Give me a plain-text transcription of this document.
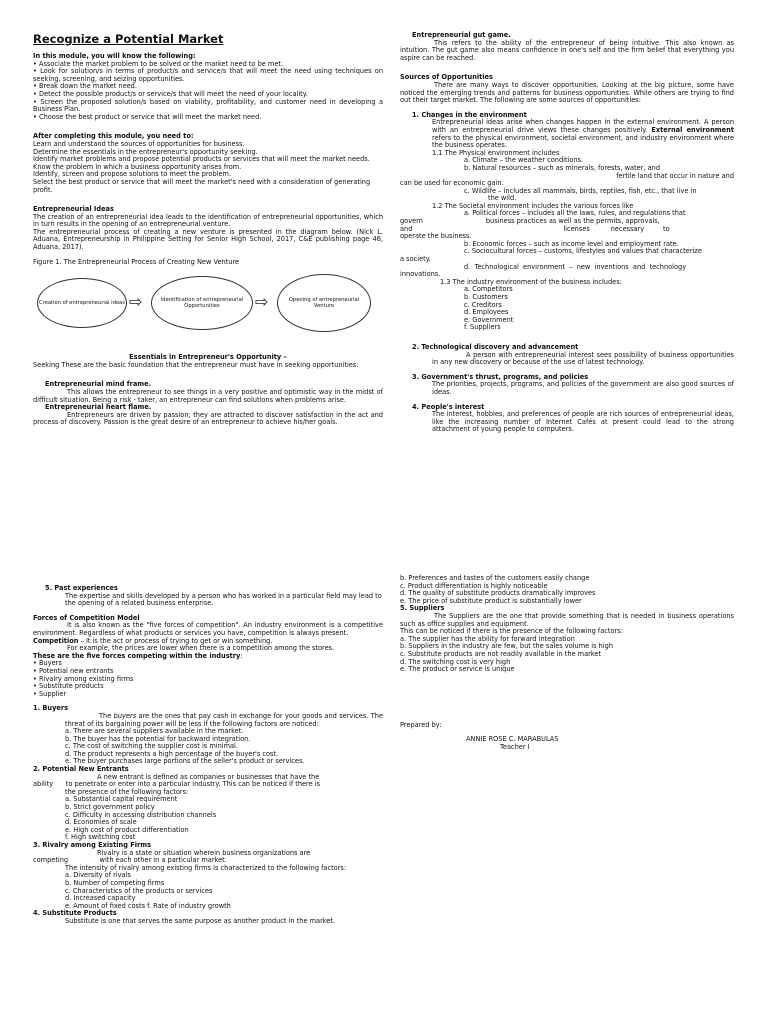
Recognize a Potential Market

In this module, you will know the following:

• Associate the market problem to be solved or the market need to be met.

• Look for solution/s in terms of product/s and service/s that will meet the need using techniques on seeking, screening, and seizing opportunities.

• Break down the market need.

• Detect the possible product/s or service/s that will meet the need of your locality.

• Screen the proposed solution/s based on viability, profitability, and customer need in developing a Business Plan.

• Choose the best product or service that will meet the market need.

After completing this module, you need to:

Learn and understand the sources of opportunities for business.

Determine the essentials in the entrepreneur's opportunity seeking.

Identify market problems and propose potential products or services that will meet the market needs.

Know the problem in which a business opportunity arises from.

Identify, screen and propose solutions to meet the problem.

Select the best product or service that will meet the market's need with a consideration of generating profit.

Entrepreneurial Ideas

The creation of an entrepreneurial idea leads to the identification of entrepreneurial opportunities, which in turn results in the opening of an entrepreneurial venture.

The entrepreneurial process of creating a new venture is presented in the diagram below. (Nick L. Aduana, Entrepreneurship in Philippine Setting for Senior High School, 2017, C&E publishing page 46, Aduana, 2017).

Figure 1. The Entrepreneurial Process of Creating New Venture

Creation of entrepreneurial ideas ⇨	Identification of entrepreneurial Opportunities	⇨	Opening of entrepreneurial Venture

Essentials in Entrepreneur's Opportunity –

Seeking These are the basic foundation that the entrepreneur must have in seeking opportunities:

Entrepreneurial mind frame.

This allows the entrepreneur to see things in a very positive and optimistic way in the midst of difficult situation. Being a risk - taker, an entrepreneur can find solutions when problems arise.

Entrepreneurial heart flame.

Entrepreneurs are driven by passion; they are attracted to discover satisfaction in the act and process of discovery. Passion is the great desire of an entrepreneur to achieve his/her goals.

Entrepreneurial gut game.

This refers to the ability of the entrepreneur of being intuitive. This also known as intuition. The gut game also means confidence in one's self and the firm belief that everything you aspire can be reached.

Sources of Opportunities

There are many ways to discover opportunities. Looking at the big picture, some have noticed the emerging trends and patterns for business opportunities. While others are trying to find out their target market. The following are some sources of opportunities:

1. Changes in the environment

Entrepreneurial ideas arise when changes happen in the external environment. A person with an entrepreneurial drive views these changes positively. External environment refers to the physical environment, societal environment, and industry environment where the business operates.

1.1 The Physical environment includes

a. Climate – the weather conditions.

b. Natural resources – such as minerals, forests, water, and

fertile land that occur in nature and

can be used for economic gain.

c. Wildlife – includes all mammals, birds, reptiles, fish, etc., that live in

the wild.

1.2 The Societal environment includes the various forces like

a. Political forces – includes all the laws, rules, and regulations that

govern                              business practices as well as the permits, approvals,

and                                                                        licenses          necessary         to

operate the business.

b. Economic forces – such as income level and employment rate.

c. Sociocultural forces – customs, lifestyles and values that characterize

a society.

d.  Technological  environment  –  new  inventions  and  technology

innovations.

1.3 The industry environment of the business includes:

a. Competitors

b. Customers

c. Creditors

d. Employees

e. Government

f. Suppliers

2. Technological discovery and advancement

A person with entrepreneurial interest sees possibility of business opportunities in any new discovery or because of the use of latest technology.

3. Government's thrust, programs, and policies

The priorities, projects, programs, and policies of the government are also good sources of ideas.

4. People's interest

The interest, hobbies, and preferences of people are rich sources of entrepreneurial ideas, like the increasing number of Internet Cafés at present could lead to the strong attachment of young people to computers.

5. Past experiences

The expertise and skills developed by a person who has worked in a particular field may lead to the opening of a related business enterprise.

Forces of Competition Model

It is also known as the "five forces of competition". An industry environment is a competitive environment. Regardless of what products or services you have, competition is always present.

Competition – It is the act or process of trying to get or win something.

For example, the prices are lower when there is a competition among the stores.

These are the five forces competing within the industry:

• Buyers

• Potential new entrants

• Rivalry among existing firms

• Substitute products

• Supplier

1. Buyers

The buyers are the ones that pay cash in exchange for your goods and services. The threat of its bargaining power will be less if the following factors are noticed:

a. There are several suppliers available in the market.

b. The buyer has the potential for backward integration.

c. The cost of switching the supplier cost is minimal.

d. The product represents a high percentage of the buyer's cost.

e. The buyer purchases large portions of the seller's product or services.

2. Potential New Entrants

A new entrant is defined as companies or businesses that have the

ability      to penetrate or enter into a particular industry. This can be noticed if there is

the presence of the following factors:

a. Substantial capital requirement

b. Strict government policy

c. Difficulty in accessing distribution channels

d. Economies of scale

e. High cost of product differentiation

f. High switching cost

3. Rivalry among Existing Firms

Rivalry is a state or situation wherein business organizations are

competing               with each other in a particular market.

The intensity of rivalry among existing firms is characterized to the following factors:

a. Diversity of rivals

b. Number of competing firms

c. Characteristics of the products or services

d. Increased capacity

e. Amount of fixed costs f. Rate of industry growth

4. Substitute Products

Substitute is one that serves the same purpose as another product in the market.

b. Preferences and tastes of the customers easily change

c. Product differentiation is highly noticeable

d. The quality of substitute products dramatically improves

e. The price of substitute product is substantially lower

5. Suppliers

The Suppliers are the one that provide something that is needed in business operations such as office supplies and equipment.

This can be noticed if there is the presence of the following factors:

a. The supplier has the ability for forward integration

b. Suppliers in the industry are few, but the sales volume is high

c. Substitute products are not readily available in the market

d. The switching cost is very high

e. The product or service is unique

Prepared by:

ANNIE ROSE C. MARABULAS

Teacher I
